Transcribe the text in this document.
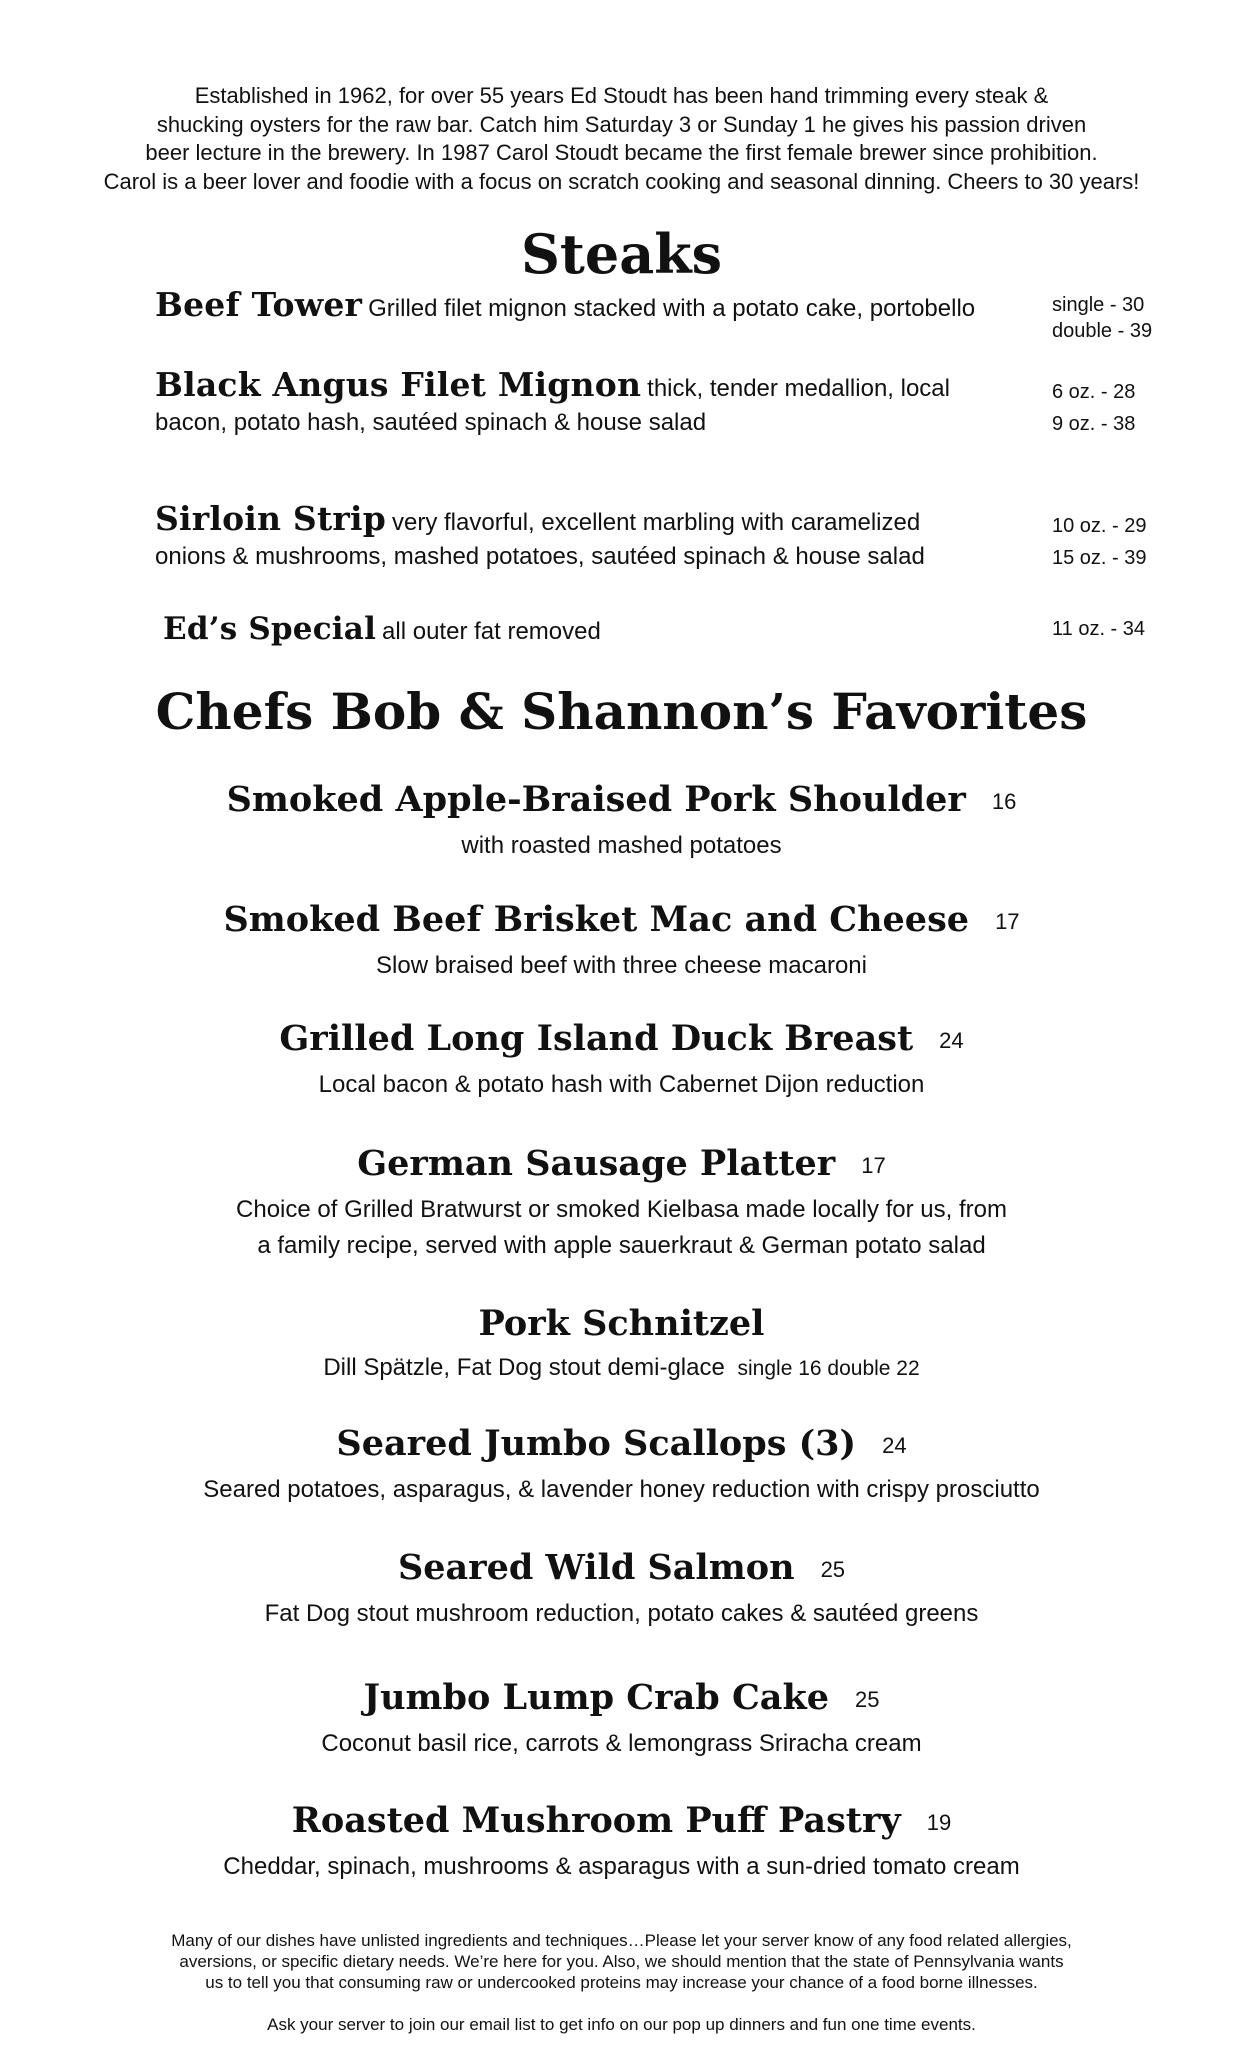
Established in 1962, for over 55 years Ed Stoudt has been hand trimming every steak &
shucking oysters for the raw bar. Catch him Saturday 3 or Sunday 1 he gives his passion driven
beer lecture in the brewery. In 1987 Carol Stoudt became the first female brewer since prohibition.
Carol is a beer lover and foodie with a focus on scratch cooking and seasonal dinning. Cheers to 30 years!
Steaks
Beef Tower Grilled filet mignon stacked with a potato cake, portobello	single - 30
double - 39
Black Angus Filet Mignon thick, tender medallion, local
bacon, potato hash, sautéed spinach & house salad
6 oz. - 28
9 oz. - 38
Sirloin Strip very flavorful, excellent marbling with caramelized
onions & mushrooms, mashed potatoes, sautéed spinach & house salad
10 oz. - 29
15 oz. - 39
Ed’s Special all outer fat removed	11 oz. - 34
Chefs Bob & Shannon’s Favorites
Smoked Apple-Braised Pork Shoulder 16
with roasted mashed potatoes
Smoked Beef Brisket Mac and Cheese 17
Slow braised beef with three cheese macaroni
Grilled Long Island Duck Breast 24
Local bacon & potato hash with Cabernet Dijon reduction
German Sausage Platter 17
Choice of Grilled Bratwurst or smoked Kielbasa made locally for us, from
a family recipe, served with apple sauerkraut & German potato salad
Pork Schnitzel
Dill Spätzle, Fat Dog stout demi-glace single 16 double 22
Seared Jumbo Scallops (3) 24
Seared potatoes, asparagus, & lavender honey reduction with crispy prosciutto
Seared Wild Salmon 25
Fat Dog stout mushroom reduction, potato cakes & sautéed greens
Jumbo Lump Crab Cake 25
Coconut basil rice, carrots & lemongrass Sriracha cream
Roasted Mushroom Puff Pastry 19
Cheddar, spinach, mushrooms & asparagus with a sun-dried tomato cream
Many of our dishes have unlisted ingredients and techniques…Please let your server know of any food related allergies,
aversions, or specific dietary needs. We’re here for you. Also, we should mention that the state of Pennsylvania wants
us to tell you that consuming raw or undercooked proteins may increase your chance of a food borne illnesses.
Ask your server to join our email list to get info on our pop up dinners and fun one time events.
